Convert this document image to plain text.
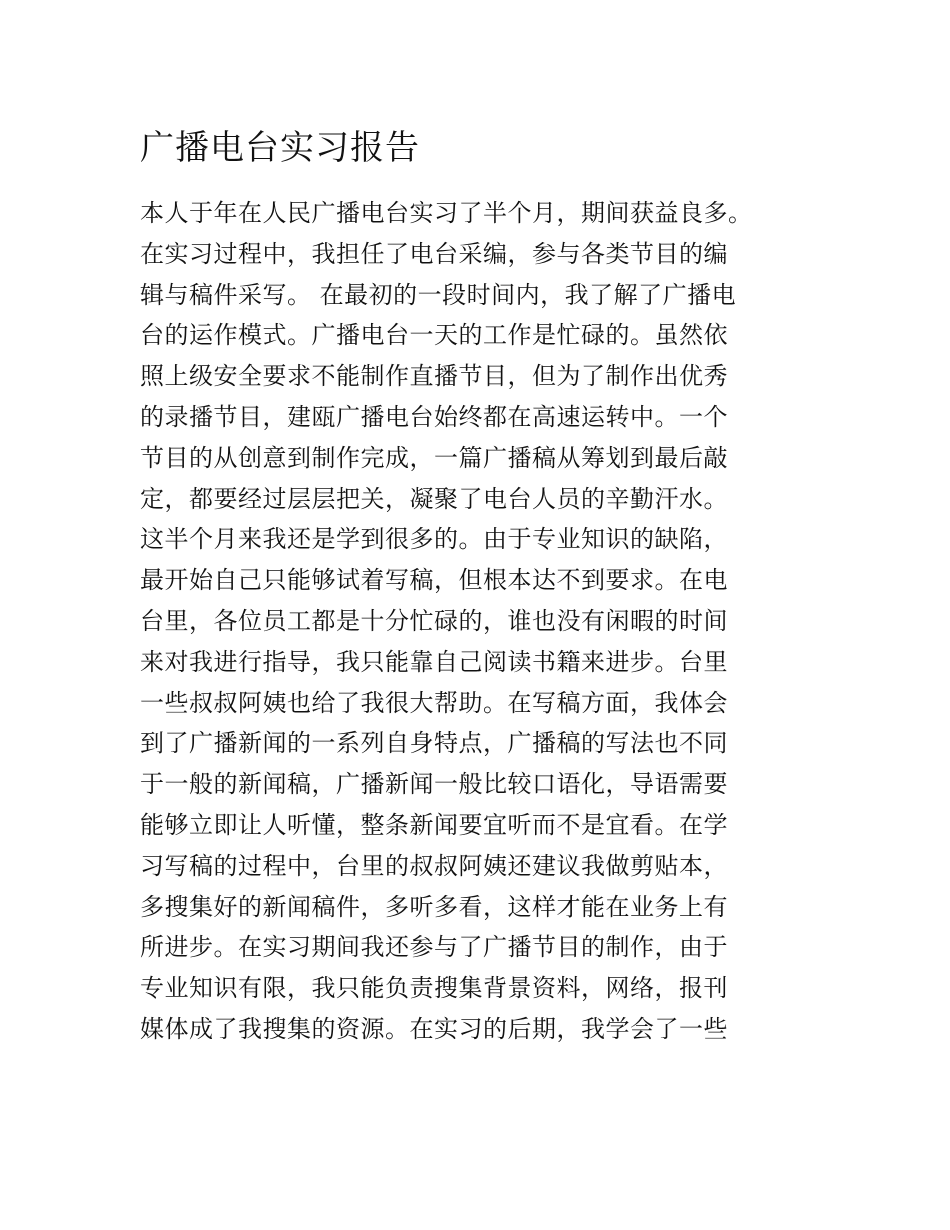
广播电台实习报告
本人于年在人民广播电台实习了半个月，期间获益良多。
在实习过程中，我担任了电台采编，参与各类节目的编
辑与稿件采写。 在最初的一段时间内，我了解了广播电
台的运作模式。广播电台一天的工作是忙碌的。虽然依
照上级安全要求不能制作直播节目，但为了制作出优秀
的录播节目，建瓯广播电台始终都在高速运转中。一个
节目的从创意到制作完成，一篇广播稿从筹划到最后敲
定，都要经过层层把关，凝聚了电台人员的辛勤汗水。
这半个月来我还是学到很多的。由于专业知识的缺陷，
最开始自己只能够试着写稿，但根本达不到要求。在电
台里，各位员工都是十分忙碌的，谁也没有闲暇的时间
来对我进行指导，我只能靠自己阅读书籍来进步。台里
一些叔叔阿姨也给了我很大帮助。在写稿方面，我体会
到了广播新闻的一系列自身特点，广播稿的写法也不同
于一般的新闻稿，广播新闻一般比较口语化，导语需要
能够立即让人听懂，整条新闻要宜听而不是宜看。在学
习写稿的过程中，台里的叔叔阿姨还建议我做剪贴本，
多搜集好的新闻稿件，多听多看，这样才能在业务上有
所进步。在实习期间我还参与了广播节目的制作，由于
专业知识有限，我只能负责搜集背景资料，网络，报刊
媒体成了我搜集的资源。在实习的后期，我学会了一些
